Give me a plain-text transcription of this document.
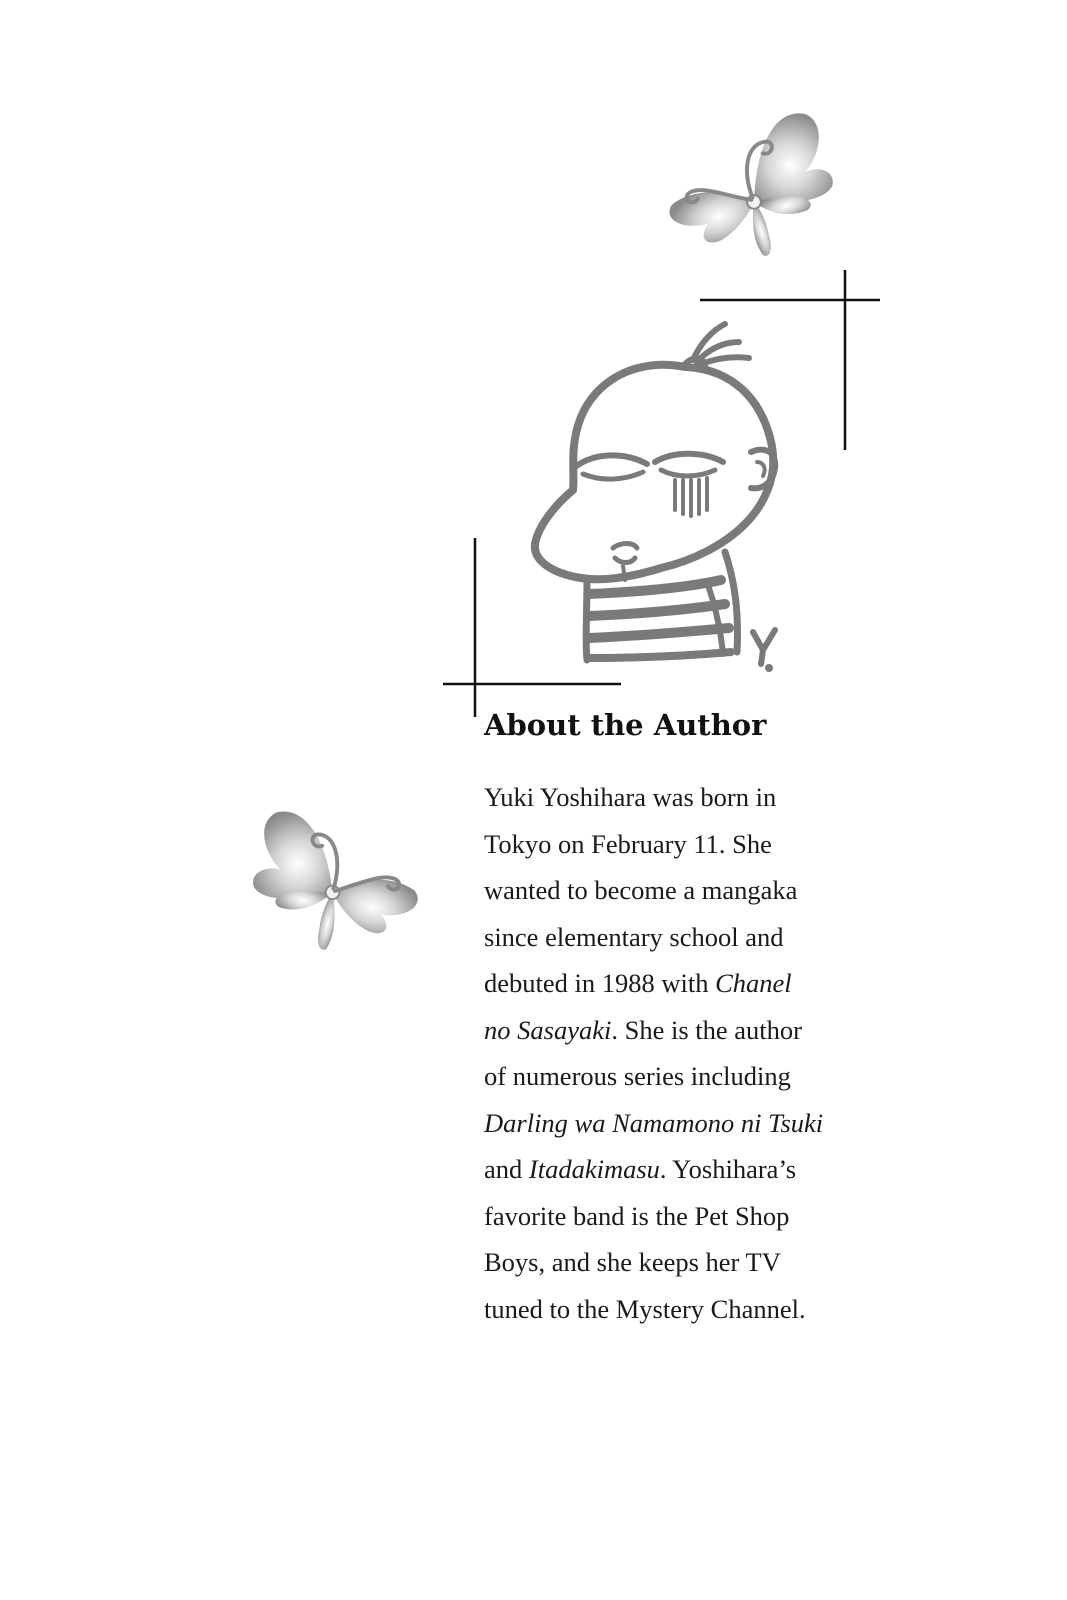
Y.
About the Author

Yuki Yoshihara was born in
Tokyo on February 11. She
wanted to become a mangaka
since elementary school and
debuted in 1988 with Chanel
no Sasayaki. She is the author
of numerous series including
Darling wa Namamono ni Tsuki
and Itadakimasu. Yoshihara’s
favorite band is the Pet Shop
Boys, and she keeps her TV
tuned to the Mystery Channel.
